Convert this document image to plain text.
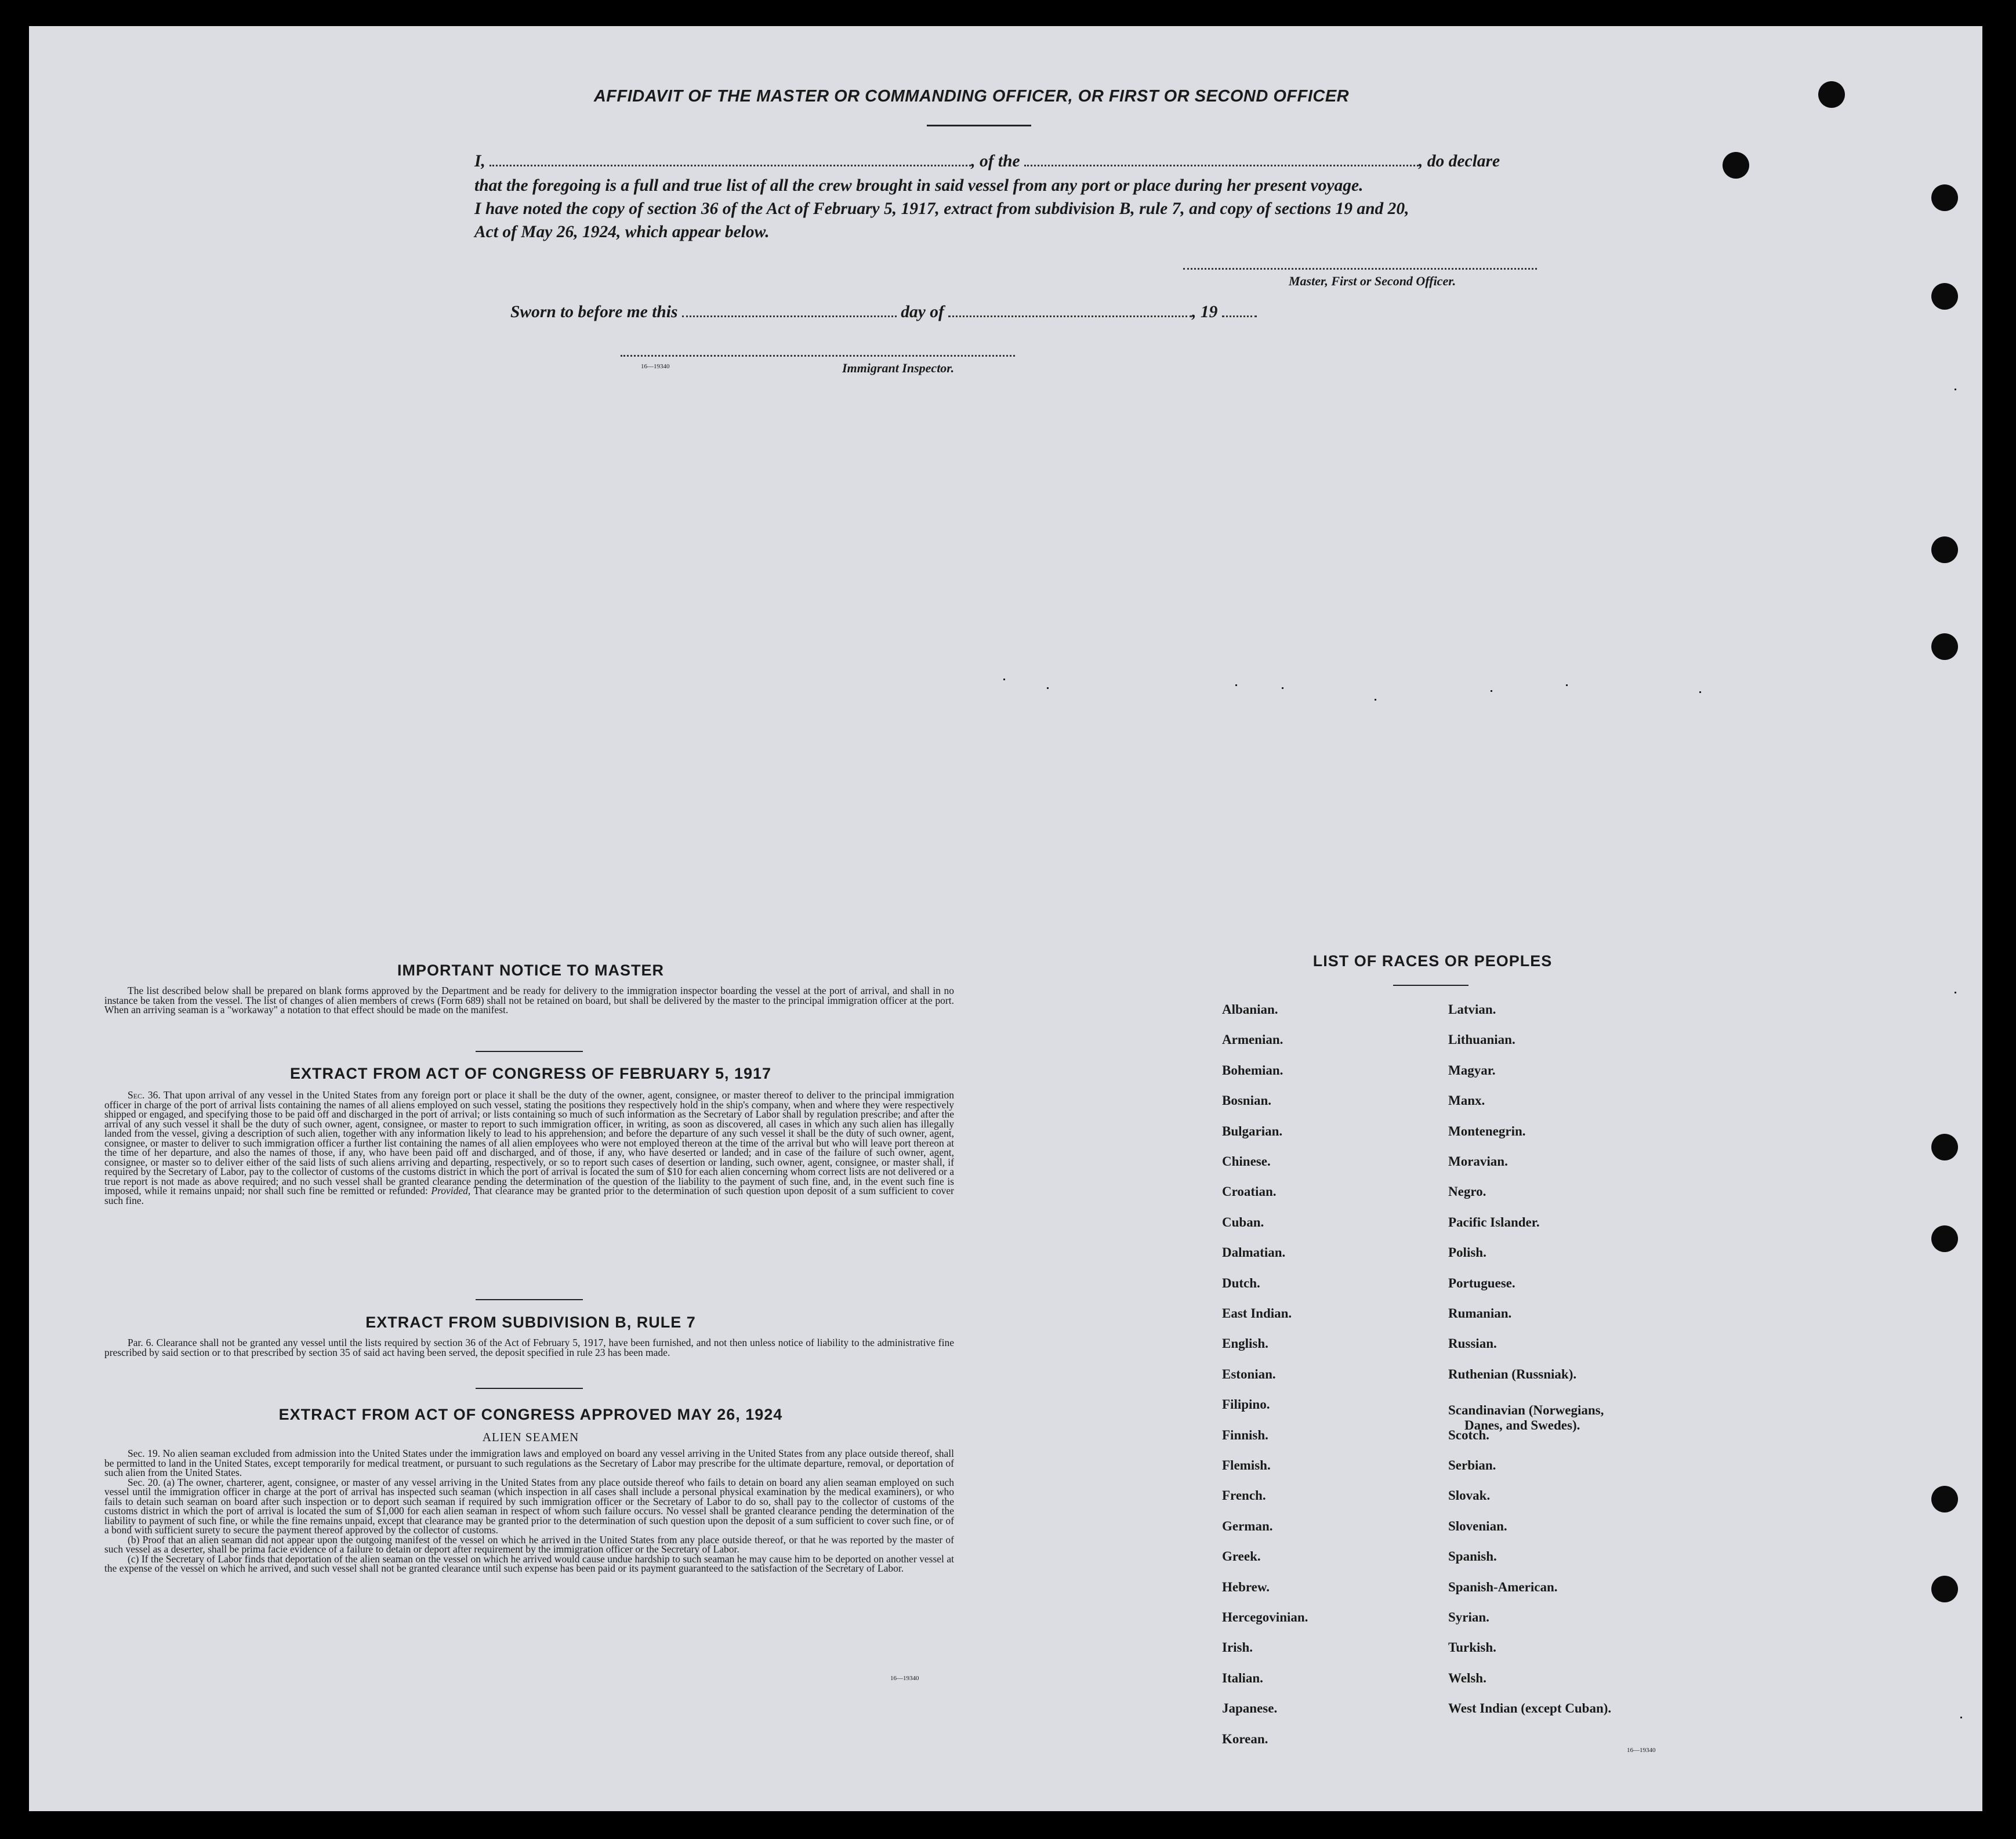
AFFIDAVIT OF THE MASTER OR COMMANDING OFFICER, OR FIRST OR SECOND OFFICER
I,	, of the	, do declare
that the foregoing is a full and true list of all the crew brought in said vessel from any port or place during her present voyage.
I have noted the copy of section 36 of the Act of February 5, 1917, extract from subdivision B, rule 7, and copy of sections 19 and 20,
Act of May 26, 1924, which appear below.
Master, First or Second Officer.
Sworn to before me this	day of	, 19
16—19340	Immigrant Inspector.
IMPORTANT NOTICE TO MASTER
The list described below shall be prepared on blank forms approved by the Department and be ready for delivery to the immigration inspector boarding the vessel at the port of arrival, and shall in no instance be taken from the vessel. The list of changes of alien members of crews (Form 689) shall not be retained on board, but shall be delivered by the master to the principal immigration officer at the port. When an arriving seaman is a "workaway" a notation to that effect should be made on the manifest.
EXTRACT FROM ACT OF CONGRESS OF FEBRUARY 5, 1917
Sec. 36. That upon arrival of any vessel in the United States from any foreign port or place it shall be the duty of the owner, agent, consignee, or master thereof to deliver to the principal immigration officer in charge of the port of arrival lists containing the names of all aliens employed on such vessel, stating the positions they respectively hold in the ship's company, when and where they were respectively shipped or engaged, and specifying those to be paid off and discharged in the port of arrival; or lists containing so much of such information as the Secretary of Labor shall by regulation prescribe; and after the arrival of any such vessel it shall be the duty of such owner, agent, consignee, or master to report to such immigration officer, in writing, as soon as discovered, all cases in which any such alien has illegally landed from the vessel, giving a description of such alien, together with any information likely to lead to his apprehension; and before the departure of any such vessel it shall be the duty of such owner, agent, consignee, or master to deliver to such immigration officer a further list containing the names of all alien employees who were not employed thereon at the time of the arrival but who will leave port thereon at the time of her departure, and also the names of those, if any, who have been paid off and discharged, and of those, if any, who have deserted or landed; and in case of the failure of such owner, agent, consignee, or master so to deliver either of the said lists of such aliens arriving and departing, respectively, or so to report such cases of desertion or landing, such owner, agent, consignee, or master shall, if required by the Secretary of Labor, pay to the collector of customs of the customs district in which the port of arrival is located the sum of $10 for each alien concerning whom correct lists are not delivered or a true report is not made as above required; and no such vessel shall be granted clearance pending the determination of the question of the liability to the payment of such fine, and, in the event such fine is imposed, while it remains unpaid; nor shall such fine be remitted or refunded: Provided, That clearance may be granted prior to the determination of such question upon deposit of a sum sufficient to cover such fine.
EXTRACT FROM SUBDIVISION B, RULE 7
Par. 6. Clearance shall not be granted any vessel until the lists required by section 36 of the Act of February 5, 1917, have been furnished, and not then unless notice of liability to the administrative fine prescribed by said section or to that prescribed by section 35 of said act having been served, the deposit specified in rule 23 has been made.
EXTRACT FROM ACT OF CONGRESS APPROVED MAY 26, 1924
ALIEN SEAMEN

Sec. 19. No alien seaman excluded from admission into the United States under the immigration laws and employed on board any vessel arriving in the United States from any place outside thereof, shall be permitted to land in the United States, except temporarily for medical treatment, or pursuant to such regulations as the Secretary of Labor may prescribe for the ultimate departure, removal, or deportation of such alien from the United States.

Sec. 20. (a) The owner, charterer, agent, consignee, or master of any vessel arriving in the United States from any place outside thereof who fails to detain on board any alien seaman employed on such vessel until the immigration officer in charge at the port of arrival has inspected such seaman (which inspection in all cases shall include a personal physical examination by the medical examiners), or who fails to detain such seaman on board after such inspection or to deport such seaman if required by such immigration officer or the Secretary of Labor to do so, shall pay to the collector of customs of the customs district in which the port of arrival is located the sum of $1,000 for each alien seaman in respect of whom such failure occurs. No vessel shall be granted clearance pending the determination of the liability to payment of such fine, or while the fine remains unpaid, except that clearance may be granted prior to the determination of such question upon the deposit of a sum sufficient to cover such fine, or of a bond with sufficient surety to secure the payment thereof approved by the collector of customs.

(b) Proof that an alien seaman did not appear upon the outgoing manifest of the vessel on which he arrived in the United States from any place outside thereof, or that he was reported by the master of such vessel as a deserter, shall be prima facie evidence of a failure to detain or deport after requirement by the immigration officer or the Secretary of Labor.

(c) If the Secretary of Labor finds that deportation of the alien seaman on the vessel on which he arrived would cause undue hardship to such seaman he may cause him to be deported on another vessel at the expense of the vessel on which he arrived, and such vessel shall not be granted clearance until such expense has been paid or its payment guaranteed to the satisfaction of the Secretary of Labor.

16—19340
LIST OF RACES OR PEOPLES
Albanian.
Armenian.
Bohemian.
Bosnian.
Bulgarian.
Chinese.
Croatian.
Cuban.
Dalmatian.
Dutch.
East Indian.
English.
Estonian.
Filipino.
Finnish.
Flemish.
French.
German.
Greek.
Hebrew.
Hercegovinian.
Irish.
Italian.
Japanese.
Korean.
Latvian.
Lithuanian.
Magyar.
Manx.
Montenegrin.
Moravian.
Negro.
Pacific Islander.
Polish.
Portuguese.
Rumanian.
Russian.
Ruthenian (Russniak).
Scandinavian (Norwegians,
Danes, and Swedes).
Scotch.
Serbian.
Slovak.
Slovenian.
Spanish.
Spanish-American.
Syrian.
Turkish.
Welsh.
West Indian (except Cuban).
16—19340
